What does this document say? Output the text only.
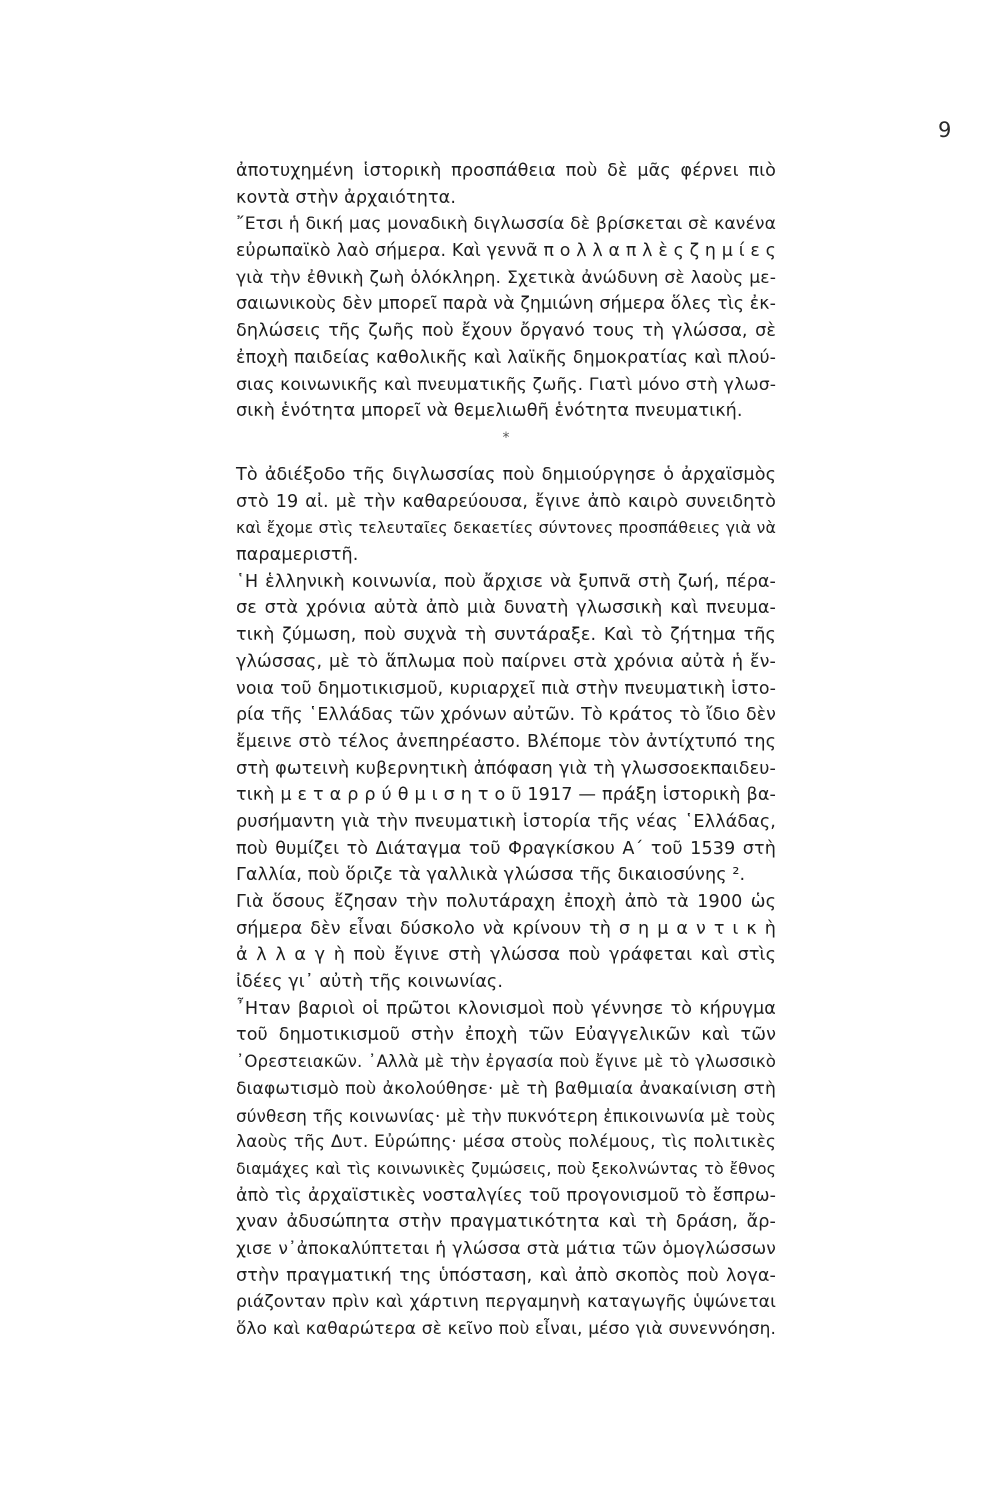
9
ἀποτυχημένη ἱστορικὴ προσπάθεια ποὺ δὲ μᾶς φέρνει πιὸ
κοντὰ στὴν ἀρχαιότητα.
῎Ετσι ἡ δική μας μοναδικὴ διγλωσσία δὲ βρίσκεται σὲ κανένα
εὐρωπαϊκὸ λαὸ σήμερα. Καὶ γεννᾶ π ο λ λ α π λ ὲ ς ζ η μ ί ε ς
γιὰ τὴν ἐθνικὴ ζωὴ ὁλόκληρη. Σχετικὰ ἀνώδυνη σὲ λαοὺς με-
σαιωνικοὺς δὲν μπορεῖ παρὰ νὰ ζημιώνη σήμερα ὅλες τὶς ἐκ-
δηλώσεις τῆς ζωῆς ποὺ ἔχουν ὄργανό τους τὴ γλώσσα, σὲ
ἐποχὴ παιδείας καθολικῆς καὶ λαϊκῆς δημοκρατίας καὶ πλού-
σιας κοινωνικῆς καὶ πνευματικῆς ζωῆς. Γιατὶ μόνο στὴ γλωσ-
σικὴ ἑνότητα μπορεῖ νὰ θεμελιωθῆ ἑνότητα πνευματική.
*
Τὸ ἀδιέξοδο τῆς διγλωσσίας ποὺ δημιούργησε ὁ ἀρχαϊσμὸς
στὸ 19 αἰ. μὲ τὴν καθαρεύουσα, ἔγινε ἀπὸ καιρὸ συνειδητὸ
καὶ ἔχομε στὶς τελευταῖες δεκαετίες σύντονες προσπάθειες γιὰ νὰ
παραμεριστῆ.
῾Η ἑλληνικὴ κοινωνία, ποὺ ἄρχισε νὰ ξυπνᾶ στὴ ζωή, πέρα-
σε στὰ χρόνια αὐτὰ ἀπὸ μιὰ δυνατὴ γλωσσικὴ καὶ πνευμα-
τικὴ ζύμωση, ποὺ συχνὰ τὴ συντάραξε. Καὶ τὸ ζήτημα τῆς
γλώσσας, μὲ τὸ ἅπλωμα ποὺ παίρνει στὰ χρόνια αὐτὰ ἡ ἔν-
νοια τοῦ δημοτικισμοῦ, κυριαρχεῖ πιὰ στὴν πνευματικὴ ἱστο-
ρία τῆς ῾Ελλάδας τῶν χρόνων αὐτῶν. Τὸ κράτος τὸ ἴδιο δὲν
ἔμεινε στὸ τέλος ἀνεπηρέαστο. Βλέπομε τὸν ἀντίχτυπό της
στὴ φωτεινὴ κυβερνητικὴ ἀπόφαση γιὰ τὴ γλωσσοεκπαιδευ-
τικὴ μ ε τ α ρ ρ ύ θ μ ι σ η τ ο ῦ 1917 — πράξη ἱστορικὴ βα-
ρυσήμαντη γιὰ τὴν πνευματικὴ ἱστορία τῆς νέας ῾Ελλάδας,
ποὺ θυμίζει τὸ Διάταγμα τοῦ Φραγκίσκου Α΄ τοῦ 1539 στὴ
Γαλλία, ποὺ ὅριζε τὰ γαλλικὰ γλώσσα τῆς δικαιοσύνης ².
Γιὰ ὅσους ἔζησαν τὴν πολυτάραχη ἐποχὴ ἀπὸ τὰ 1900 ὡς
σήμερα δὲν εἶναι δύσκολο νὰ κρίνουν τὴ σ η μ α ν τ ι κ ὴ
ἀ λ λ α γ ὴ ποὺ ἔγινε στὴ γλώσσα ποὺ γράφεται καὶ στὶς
ἰδέες γι᾿ αὐτὴ τῆς κοινωνίας.
῏Ηταν βαριοὶ οἱ πρῶτοι κλονισμοὶ ποὺ γέννησε τὸ κήρυγμα
τοῦ δημοτικισμοῦ στὴν ἐποχὴ τῶν Εὐαγγελικῶν καὶ τῶν
᾿Ορεστειακῶν. ᾿Αλλὰ μὲ τὴν ἐργασία ποὺ ἔγινε μὲ τὸ γλωσσικὸ
διαφωτισμὸ ποὺ ἀκολούθησε· μὲ τὴ βαθμιαία ἀνακαίνιση στὴ
σύνθεση τῆς κοινωνίας· μὲ τὴν πυκνότερη ἐπικοινωνία μὲ τοὺς
λαοὺς τῆς Δυτ. Εὐρώπης· μέσα στοὺς πολέμους, τὶς πολιτικὲς
διαμάχες καὶ τὶς κοινωνικὲς ζυμώσεις, ποὺ ξεκολνώντας τὸ ἔθνος
ἀπὸ τὶς ἀρχαϊστικὲς νοσταλγίες τοῦ προγονισμοῦ τὸ ἔσπρω-
χναν ἀδυσώπητα στὴν πραγματικότητα καὶ τὴ δράση, ἄρ-
χισε ν᾿ἀποκαλύπτεται ἡ γλώσσα στὰ μάτια τῶν ὁμογλώσσων
στὴν πραγματική της ὑπόσταση, καὶ ἀπὸ σκοπὸς ποὺ λογα-
ριάζονταν πρὶν καὶ χάρτινη περγαμηνὴ καταγωγῆς ὑψώνεται
ὅλο καὶ καθαρώτερα σὲ κεῖνο ποὺ εἶναι, μέσο γιὰ συνεννόηση.
